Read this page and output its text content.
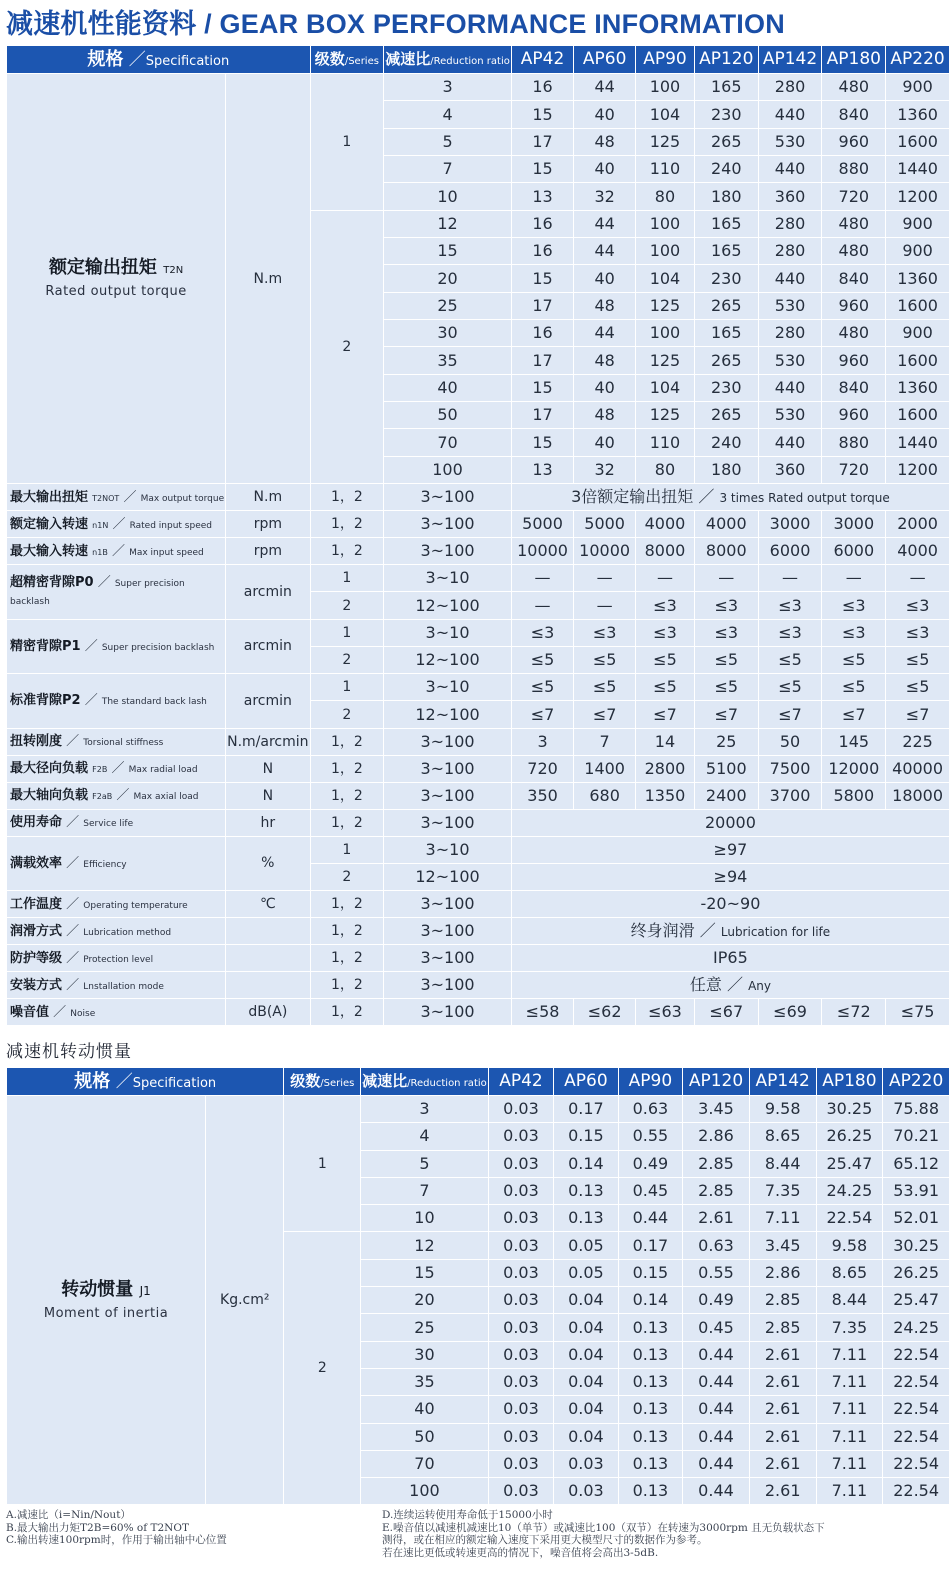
减速机性能资料 / GEAR BOX PERFORMANCE INFORMATION
规格 ／Specification		级数/Series	减速比/Reduction ratio	AP42	AP60	AP90	AP120	AP142	AP180	AP220

额定输出扭矩 T2N
Rated output torque	N.m	1	3	16	44	100	165	280	480	900
			4	15	40	104	230	440	840	1360
			5	17	48	125	265	530	960	1600
			7	15	40	110	240	440	880	1440
			10	13	32	80	180	360	720	1200
		2	12	16	44	100	165	280	480	900
			15	16	44	100	165	280	480	900
			20	15	40	104	230	440	840	1360
			25	17	48	125	265	530	960	1600
			30	16	44	100	165	280	480	900
			35	17	48	125	265	530	960	1600
			40	15	40	104	230	440	840	1360
			50	17	48	125	265	530	960	1600
			70	15	40	110	240	440	880	1440
			100	13	32	80	180	360	720	1200
最大输出扭矩 T2NOT ／ Max output torque	N.m	1，2	3~100	3倍额定输出扭矩 ／ 3 times Rated output torque						
额定输入转速 n1N ／ Rated input speed	rpm	1，2	3~100	5000	5000	4000	4000	3000	3000	2000
最大输入转速 n1B ／ Max input speed	rpm	1，2	3~100	10000	10000	8000	8000	6000	6000	4000
超精密背隙P0 ／ Super precision backlash	arcmin	1	3~10	—	—	—	—	—	—	—
		2	12~100	—	—	≤3	≤3	≤3	≤3	≤3
精密背隙P1 ／ Super precision backlash	arcmin	1	3~10	≤3	≤3	≤3	≤3	≤3	≤3	≤3
		2	12~100	≤5	≤5	≤5	≤5	≤5	≤5	≤5
标准背隙P2 ／ The standard back lash	arcmin	1	3~10	≤5	≤5	≤5	≤5	≤5	≤5	≤5
		2	12~100	≤7	≤7	≤7	≤7	≤7	≤7	≤7
扭转刚度 ／ Torsional stiffness	N.m/arcmin	1，2	3~100	3	7	14	25	50	145	225
最大径向负载 F2B ／ Max radial load	N	1，2	3~100	720	1400	2800	5100	7500	12000	40000
最大轴向负载 F2aB ／ Max axial load	N	1，2	3~100	350	680	1350	2400	3700	5800	18000
使用寿命 ／ Service life	hr	1，2	3~100	20000						
满载效率 ／ Efficiency	%	1	3~10	≥97						
		2	12~100	≥94						
工作温度 ／ Operating temperature	℃	1，2	3~100	-20~90						
润滑方式 ／ Lubrication method		1，2	3~100	终身润滑 ／ Lubrication for life						
防护等级 ／ Protection level		1，2	3~100	IP65						
安装方式 ／ Lnstallation mode		1，2	3~100	任意 ／ Any						
噪音值 ／ Noise	dB(A)	1，2	3~100	≤58	≤62	≤63	≤67	≤69	≤72	≤75
减速机转动惯量
规格 ／Specification		级数/Series	减速比/Reduction ratio	AP42	AP60	AP90	AP120	AP142	AP180	AP220

转动惯量 J1
Moment of inertia	Kg.cm²	1	3	0.03	0.17	0.63	3.45	9.58	30.25	75.88
			4	0.03	0.15	0.55	2.86	8.65	26.25	70.21
			5	0.03	0.14	0.49	2.85	8.44	25.47	65.12
			7	0.03	0.13	0.45	2.85	7.35	24.25	53.91
			10	0.03	0.13	0.44	2.61	7.11	22.54	52.01
		2	12	0.03	0.05	0.17	0.63	3.45	9.58	30.25
			15	0.03	0.05	0.15	0.55	2.86	8.65	26.25
			20	0.03	0.04	0.14	0.49	2.85	8.44	25.47
			25	0.03	0.04	0.13	0.45	2.85	7.35	24.25
			30	0.03	0.04	0.13	0.44	2.61	7.11	22.54
			35	0.03	0.04	0.13	0.44	2.61	7.11	22.54
			40	0.03	0.04	0.13	0.44	2.61	7.11	22.54
			50	0.03	0.04	0.13	0.44	2.61	7.11	22.54
			70	0.03	0.03	0.13	0.44	2.61	7.11	22.54
			100	0.03	0.03	0.13	0.44	2.61	7.11	22.54

A.减速比（i=Nin/Nout）

B.最大输出力矩T2B=60% of T2NOT

C.输出转速100rpm时，作用于输出轴中心位置

D.连续运转使用寿命低于15000小时

E.噪音值以减速机减速比10（单节）或减速比100（双节）在转速为3000rpm 且无负载状态下

测得，或在相应的额定输入速度下采用更大模型尺寸的数据作为参考。

若在速比更低或转速更高的情况下，噪音值将会高出3-5dB.
